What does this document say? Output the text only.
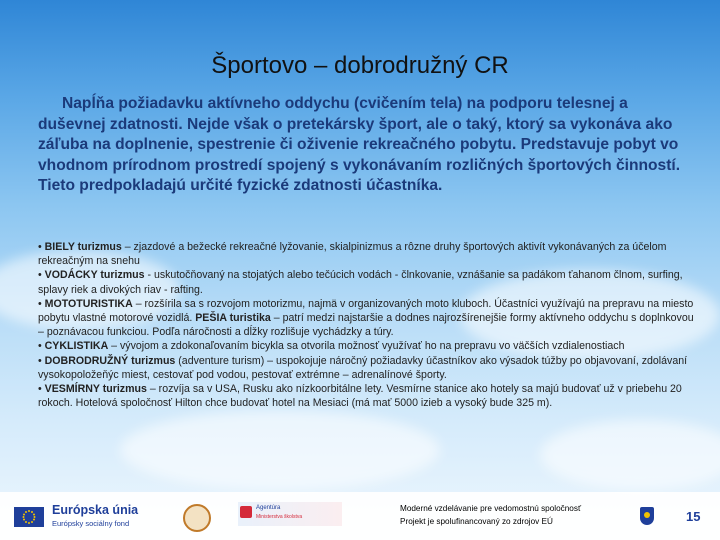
Športovo – dobrodružný CR
Napĺňa požiadavku aktívneho oddychu (cvičením tela) na podporu telesnej a duševnej zdatnosti. Nejde však o pretekársky šport, ale o taký, ktorý sa vykonáva ako záľuba na doplnenie, spestrenie či oživenie rekreačného pobytu. Predstavuje pobyt vo vhodnom prírodnom prostredí spojený s vykonávaním rozličných športových činností. Tieto predpokladajú určité fyzické zdatnosti účastníka.

• BIELY turizmus – zjazdové a bežecké rekreačné lyžovanie, skialpinizmus a rôzne druhy športových aktivít vykonávaných za účelom rekreačným na snehu

• VODÁCKY turizmus - uskutočňovaný na stojatých alebo tečúcich vodách - člnkovanie, vznášanie sa padákom ťahanom člnom, surfing, splavy riek a divokých riav - rafting.

• MOTOTURISTIKA – rozšírila sa s rozvojom motorizmu, najmä v organizovaných moto kluboch. Účastníci využívajú na prepravu na miesto pobytu vlastné motorové vozidlá. PEŠIA turistika – patrí medzi najstaršie a dodnes najrozšírenejšie formy aktívneho oddychu s doplnkovou – poznávacou funkciou. Podľa náročnosti a dĺžky rozlišuje vychádzky a túry.

• CYKLISTIKA – vývojom a zdokonaľovaním bicykla sa otvorila možnosť využívať ho na prepravu vo väčších vzdialenostiach

• DOBRODRUŽNÝ turizmus (adventure turism) – uspokojuje náročný požiadavky účastníkov ako výsadok túžby po objavovaní, zdolávaní vysokopoložeňýc miest, cestovať pod vodou, pestovať extrémne – adrenalínové športy.

• VESMÍRNY turizmus – rozvíja sa v USA, Rusku ako nízkoorbitálne lety. Vesmírne stanice ako hotely sa majú budovať už v priebehu 20 rokoch. Hotelová spoločnosť Hilton chce budovať hotel na Mesiaci (má mať 5000 izieb a vysoký bude 325 m).

Európska únia
Európsky sociálny fond
Agentúra
Ministerstva školstva
Moderné vzdelávanie pre vedomostnú spoločnosť
Projekt je spolufinancovaný zo zdrojov EÚ	15
